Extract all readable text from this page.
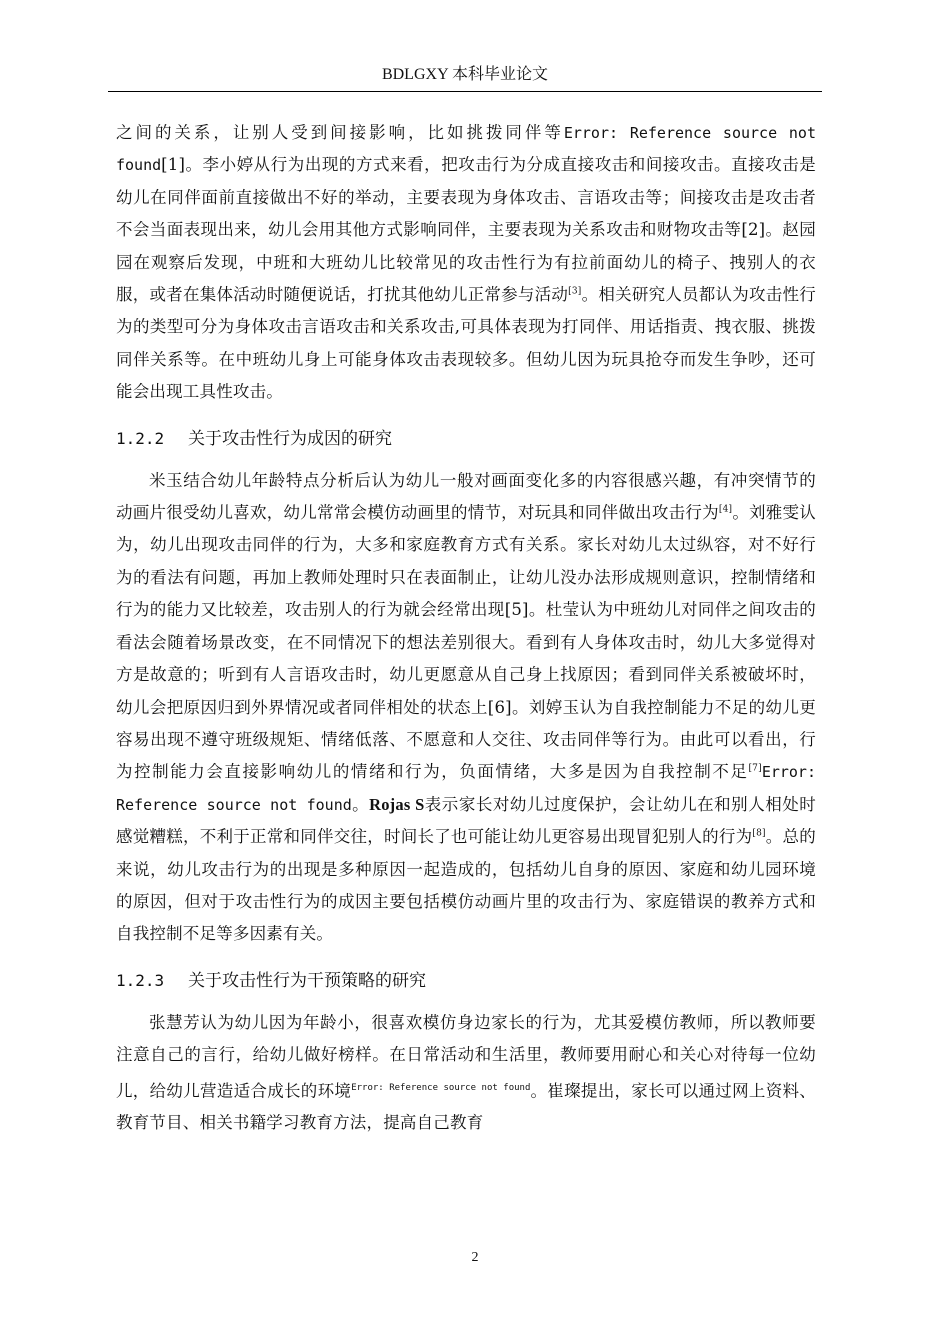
BDLGXY 本科毕业论文

之间的关系，让别人受到间接影响，比如挑拨同伴等Error: Reference source not found[1]。李小婷从行为出现的方式来看，把攻击行为分成直接攻击和间接攻击。直接攻击是幼儿在同伴面前直接做出不好的举动，主要表现为身体攻击、言语攻击等；间接攻击是攻击者不会当面表现出来，幼儿会用其他方式影响同伴，主要表现为关系攻击和财物攻击等[2]。赵园园在观察后发现，中班和大班幼儿比较常见的攻击性行为有拉前面幼儿的椅子、拽别人的衣服，或者在集体活动时随便说话，打扰其他幼儿正常参与活动[3]。相关研究人员都认为攻击性行为的类型可分为身体攻击言语攻击和关系攻击,可具体表现为打同伴、用话指责、拽衣服、挑拨同伴关系等。在中班幼儿身上可能身体攻击表现较多。但幼儿因为玩具抢夺而发生争吵，还可能会出现工具性攻击。

1.2.2 关于攻击性行为成因的研究

米玉结合幼儿年龄特点分析后认为幼儿一般对画面变化多的内容很感兴趣，有冲突情节的动画片很受幼儿喜欢，幼儿常常会模仿动画里的情节，对玩具和同伴做出攻击行为[4]。刘雅雯认为，幼儿出现攻击同伴的行为，大多和家庭教育方式有关系。家长对幼儿太过纵容，对不好行为的看法有问题，再加上教师处理时只在表面制止，让幼儿没办法形成规则意识，控制情绪和行为的能力又比较差，攻击别人的行为就会经常出现[5]。杜莹认为中班幼儿对同伴之间攻击的看法会随着场景改变，在不同情况下的想法差别很大。看到有人身体攻击时，幼儿大多觉得对方是故意的；听到有人言语攻击时，幼儿更愿意从自己身上找原因；看到同伴关系被破坏时，幼儿会把原因归到外界情况或者同伴相处的状态上[6]。刘婷玉认为自我控制能力不足的幼儿更容易出现不遵守班级规矩、情绪低落、不愿意和人交往、攻击同伴等行为。由此可以看出，行为控制能力会直接影响幼儿的情绪和行为，负面情绪，大多是因为自我控制不足[7]Error: Reference source not found。Rojas S表示家长对幼儿过度保护，会让幼儿在和别人相处时感觉糟糕，不利于正常和同伴交往，时间长了也可能让幼儿更容易出现冒犯别人的行为[8]。总的来说，幼儿攻击行为的出现是多种原因一起造成的，包括幼儿自身的原因、家庭和幼儿园环境的原因，但对于攻击性行为的成因主要包括模仿动画片里的攻击行为、家庭错误的教养方式和自我控制不足等多因素有关。

1.2.3 关于攻击性行为干预策略的研究

张慧芳认为幼儿因为年龄小，很喜欢模仿身边家长的行为，尤其爱模仿教师，所以教师要注意自己的言行，给幼儿做好榜样。在日常活动和生活里，教师要用耐心和关心对待每一位幼儿，给幼儿营造适合成长的环境$^{Error: Reference source not found}$。崔璨提出，家长可以通过网上资料、教育节目、相关书籍学习教育方法，提高自己教育

2
